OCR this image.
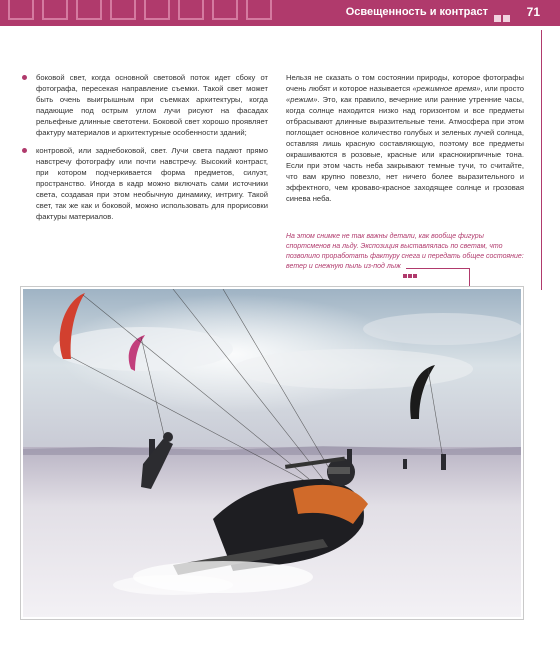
Освещенность и контраст	71
боковой свет, когда основной световой поток идет сбоку от фотографа, пересекая направление съемки. Такой свет может быть очень выигрышным при съемках архитектуры, когда падающие под острым углом лучи рисуют на фасадах рельефные длинные светотени. Боковой свет хорошо проявляет фактуру материалов и архитектурные особенности зданий;
контровой, или заднебоковой, свет. Лучи света падают прямо навстречу фотографу или почти навстречу. Высокий контраст, при котором подчеркивается форма предметов, силуэт, пространство. Иногда в кадр можно включать сами источники света, создавая при этом необычную динамику, интригу. Такой свет, так же как и боковой, можно использовать для прорисовки фактуры материалов.
Нельзя не сказать о том состоянии природы, которое фотографы очень любят и которое называется «режимное время», или просто «режим». Это, как правило, вечерние или ранние утренние часы, когда солнце находится низко над горизонтом и все предметы отбрасывают длинные выразительные тени. Атмосфера при этом поглощает основное количество голубых и зеленых лучей солнца, оставляя лишь красную составляющую, поэтому все предметы окрашиваются в розовые, красные или краснокирпичные тона. Если при этом часть неба закрывают темные тучи, то считайте, что вам крупно повезло, нет ничего более выразительного и эффектного, чем кроваво-красное заходящее солнце и грозовая синева неба.
На этом снимке не так важны детали, как вообще фигуры спортсменов на льду. Экспозиция выставлялась по светам, что позволило проработать фактуру снега и передать общее состояние: ветер и снежную пыль из-под лыж
